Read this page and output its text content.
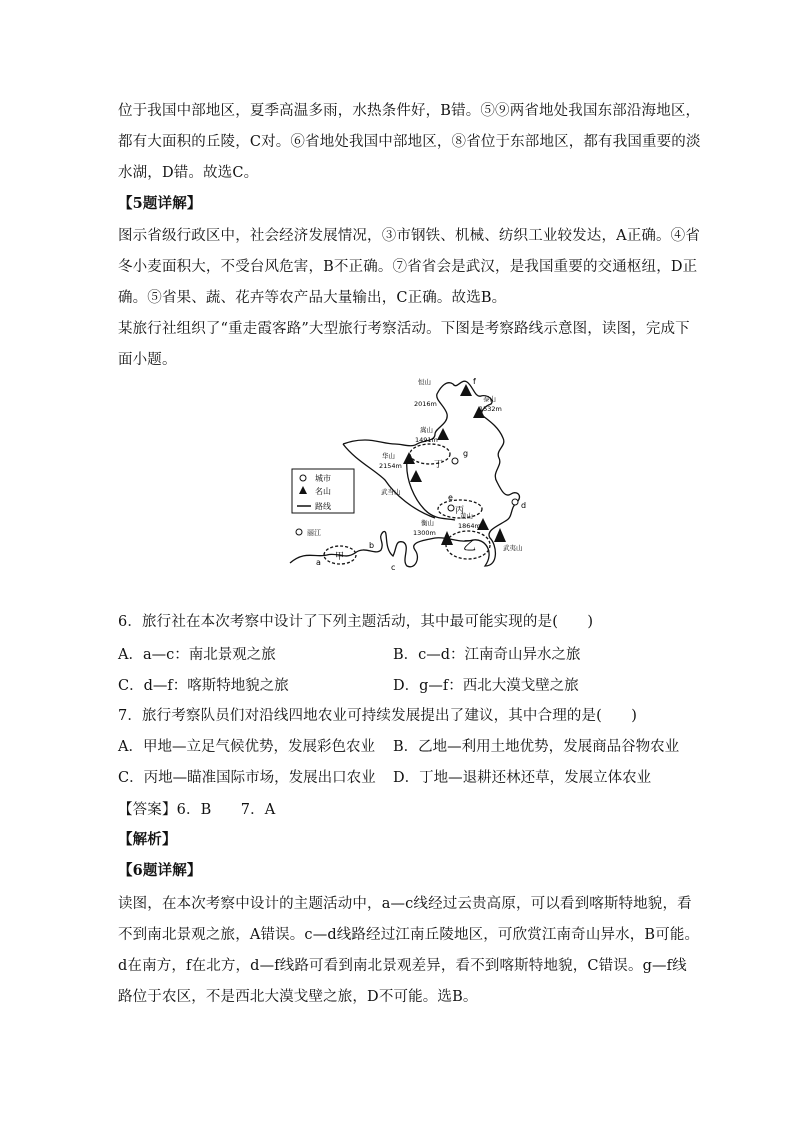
位于我国中部地区，夏季高温多雨，水热条件好，B错。⑤⑨两省地处我国东部沿海地区，
都有大面积的丘陵，C对。⑥省地处我国中部地区，⑧省位于东部地区，都有我国重要的淡
水湖，D错。故选C。
【5题详解】
图示省级行政区中，社会经济发展情况，③市钢铁、机械、纺织工业较发达，A正确。④省
冬小麦面积大，不受台风危害，B不正确。⑦省省会是武汉，是我国重要的交通枢纽，D正
确。⑤省果、蔬、花卉等农产品大量输出，C正确。故选B。
某旅行社组织了“重走霞客路”大型旅行考察活动。下图是考察路线示意图，读图，完成下
面小题。
城市
名山
路线
恒山
2016m
泰山
1532m
嵩山
1491m
华山
2154m
武当山
衡山
1300m
黄山
1864m
武夷山
丽江
a
b
c
d
e
f
g
甲
乙
丙
丁
6．旅行社在本次考察中设计了下列主题活动，其中最可能实现的是(　　)
A．a—c：南北景观之旅	B．c—d：江南奇山异水之旅
C．d—f：喀斯特地貌之旅	D．g—f：西北大漠戈壁之旅
7．旅行考察队员们对沿线四地农业可持续发展提出了建议，其中合理的是(　　)
A．甲地—立足气候优势，发展彩色农业 B．乙地—利用土地优势，发展商品谷物农业
C．丙地—瞄准国际市场，发展出口农业 D．丁地—退耕还林还草，发展立体农业
【答案】6．B　　7．A
【解析】
【6题详解】
读图，在本次考察中设计的主题活动中，a—c线经过云贵高原，可以看到喀斯特地貌，看
不到南北景观之旅，A错误。c—d线路经过江南丘陵地区，可欣赏江南奇山异水，B可能。
d在南方，f在北方，d—f线路可看到南北景观差异，看不到喀斯特地貌，C错误。g—f线
路位于农区，不是西北大漠戈壁之旅，D不可能。选B。
